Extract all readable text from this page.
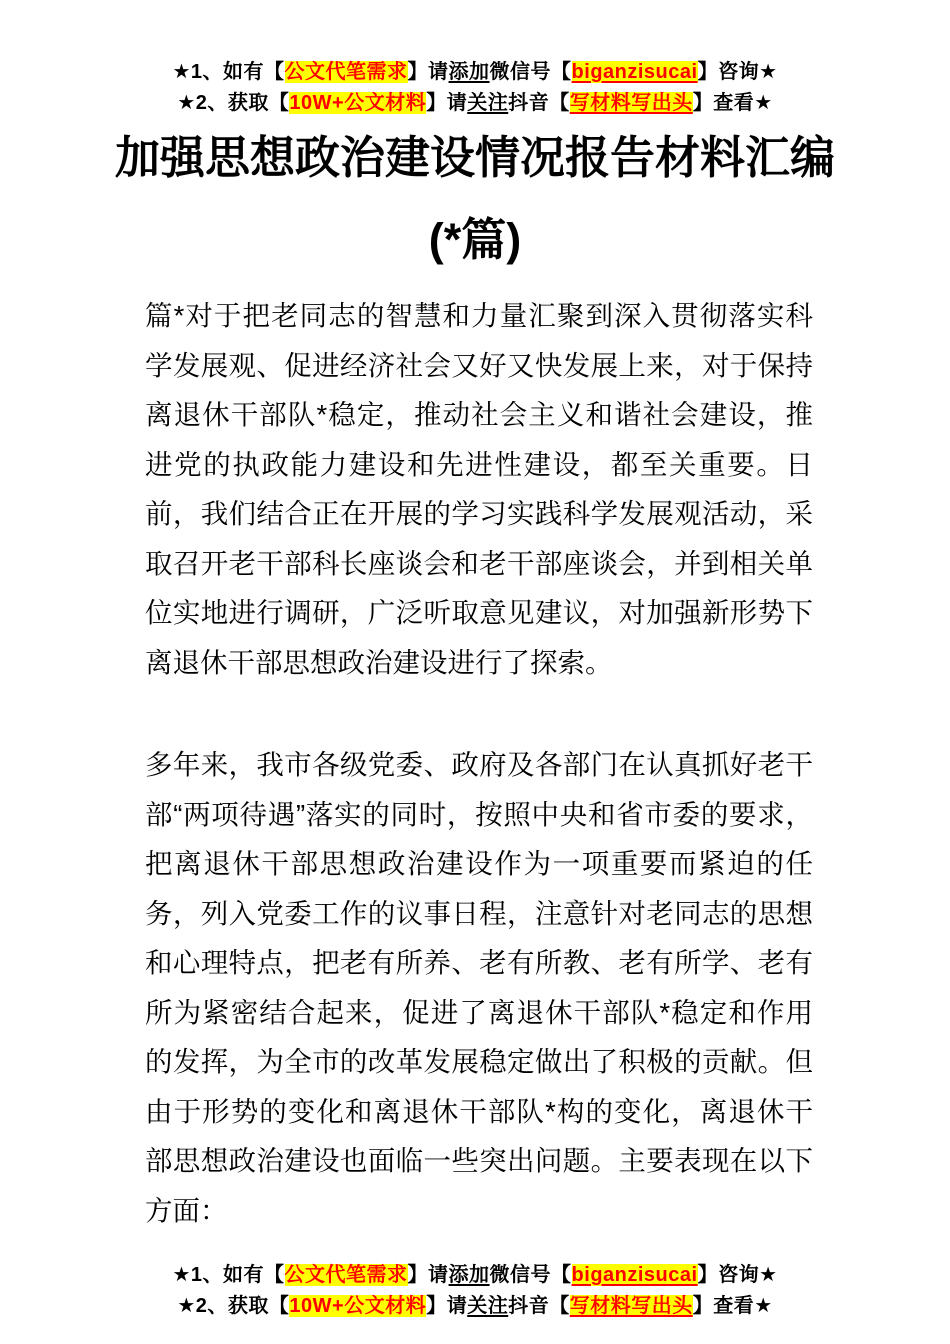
★1、如有【公文代笔需求】请添加微信号【biganzisucai】咨询★
★2、获取【10W+公文材料】请关注抖音【写材料写出头】查看★
加强思想政治建设情况报告材料汇编
(*篇)

篇*对于把老同志的智慧和力量汇聚到深入贯彻落实科学发展观、促进经济社会又好又快发展上来，对于保持离退休干部队*稳定，推动社会主义和谐社会建设，推进党的执政能力建设和先进性建设，都至关重要。日前，我们结合正在开展的学习实践科学发展观活动，采取召开老干部科长座谈会和老干部座谈会，并到相关单位实地进行调研，广泛听取意见建议，对加强新形势下离退休干部思想政治建设进行了探索。

多年来，我市各级党委、政府及各部门在认真抓好老干部“两项待遇”落实的同时，按照中央和省市委的要求，把离退休干部思想政治建设作为一项重要而紧迫的任务，列入党委工作的议事日程，注意针对老同志的思想和心理特点，把老有所养、老有所教、老有所学、老有所为紧密结合起来，促进了离退休干部队*稳定和作用的发挥，为全市的改革发展稳定做出了积极的贡献。但由于形势的变化和离退休干部队*构的变化，离退休干部思想政治建设也面临一些突出问题。主要表现在以下方面：

★1、如有【公文代笔需求】请添加微信号【biganzisucai】咨询★
★2、获取【10W+公文材料】请关注抖音【写材料写出头】查看★
